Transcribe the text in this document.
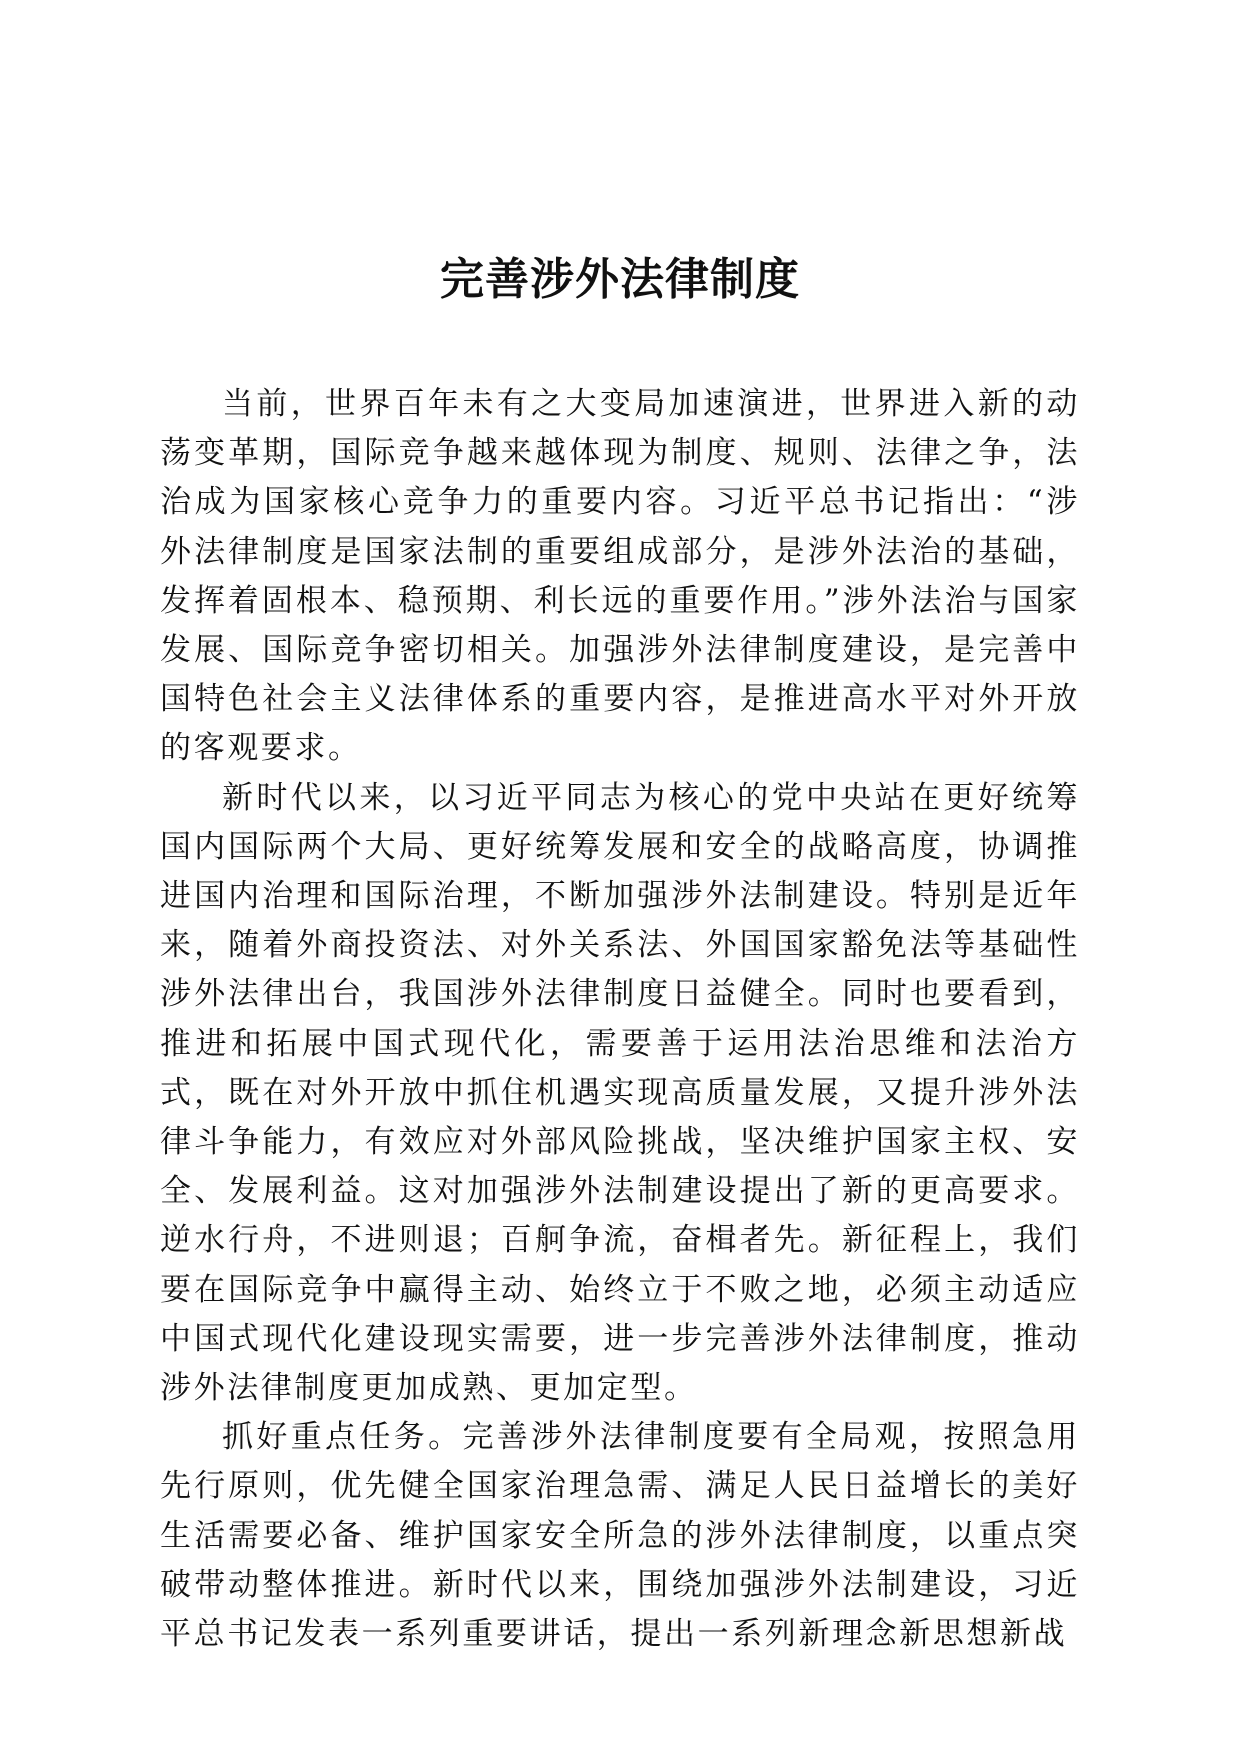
完善涉外法律制度

当前，世界百年未有之大变局加速演进，世界进入新的动荡变革期，国际竞争越来越体现为制度、规则、法律之争，法治成为国家核心竞争力的重要内容。习近平总书记指出：“涉外法律制度是国家法制的重要组成部分，是涉外法治的基础，发挥着固根本、稳预期、利长远的重要作用。”涉外法治与国家发展、国际竞争密切相关。加强涉外法律制度建设，是完善中国特色社会主义法律体系的重要内容，是推进高水平对外开放的客观要求。

新时代以来，以习近平同志为核心的党中央站在更好统筹国内国际两个大局、更好统筹发展和安全的战略高度，协调推进国内治理和国际治理，不断加强涉外法制建设。特别是近年来，随着外商投资法、对外关系法、外国国家豁免法等基础性涉外法律出台，我国涉外法律制度日益健全。同时也要看到，推进和拓展中国式现代化，需要善于运用法治思维和法治方式，既在对外开放中抓住机遇实现高质量发展，又提升涉外法律斗争能力，有效应对外部风险挑战，坚决维护国家主权、安全、发展利益。这对加强涉外法制建设提出了新的更高要求。逆水行舟，不进则退；百舸争流，奋楫者先。新征程上，我们要在国际竞争中赢得主动、始终立于不败之地，必须主动适应中国式现代化建设现实需要，进一步完善涉外法律制度，推动涉外法律制度更加成熟、更加定型。

抓好重点任务。完善涉外法律制度要有全局观，按照急用先行原则，优先健全国家治理急需、满足人民日益增长的美好生活需要必备、维护国家安全所急的涉外法律制度，以重点突破带动整体推进。新时代以来，围绕加强涉外法制建设，习近平总书记发表一系列重要讲话，提出一系列新理念新思想新战
